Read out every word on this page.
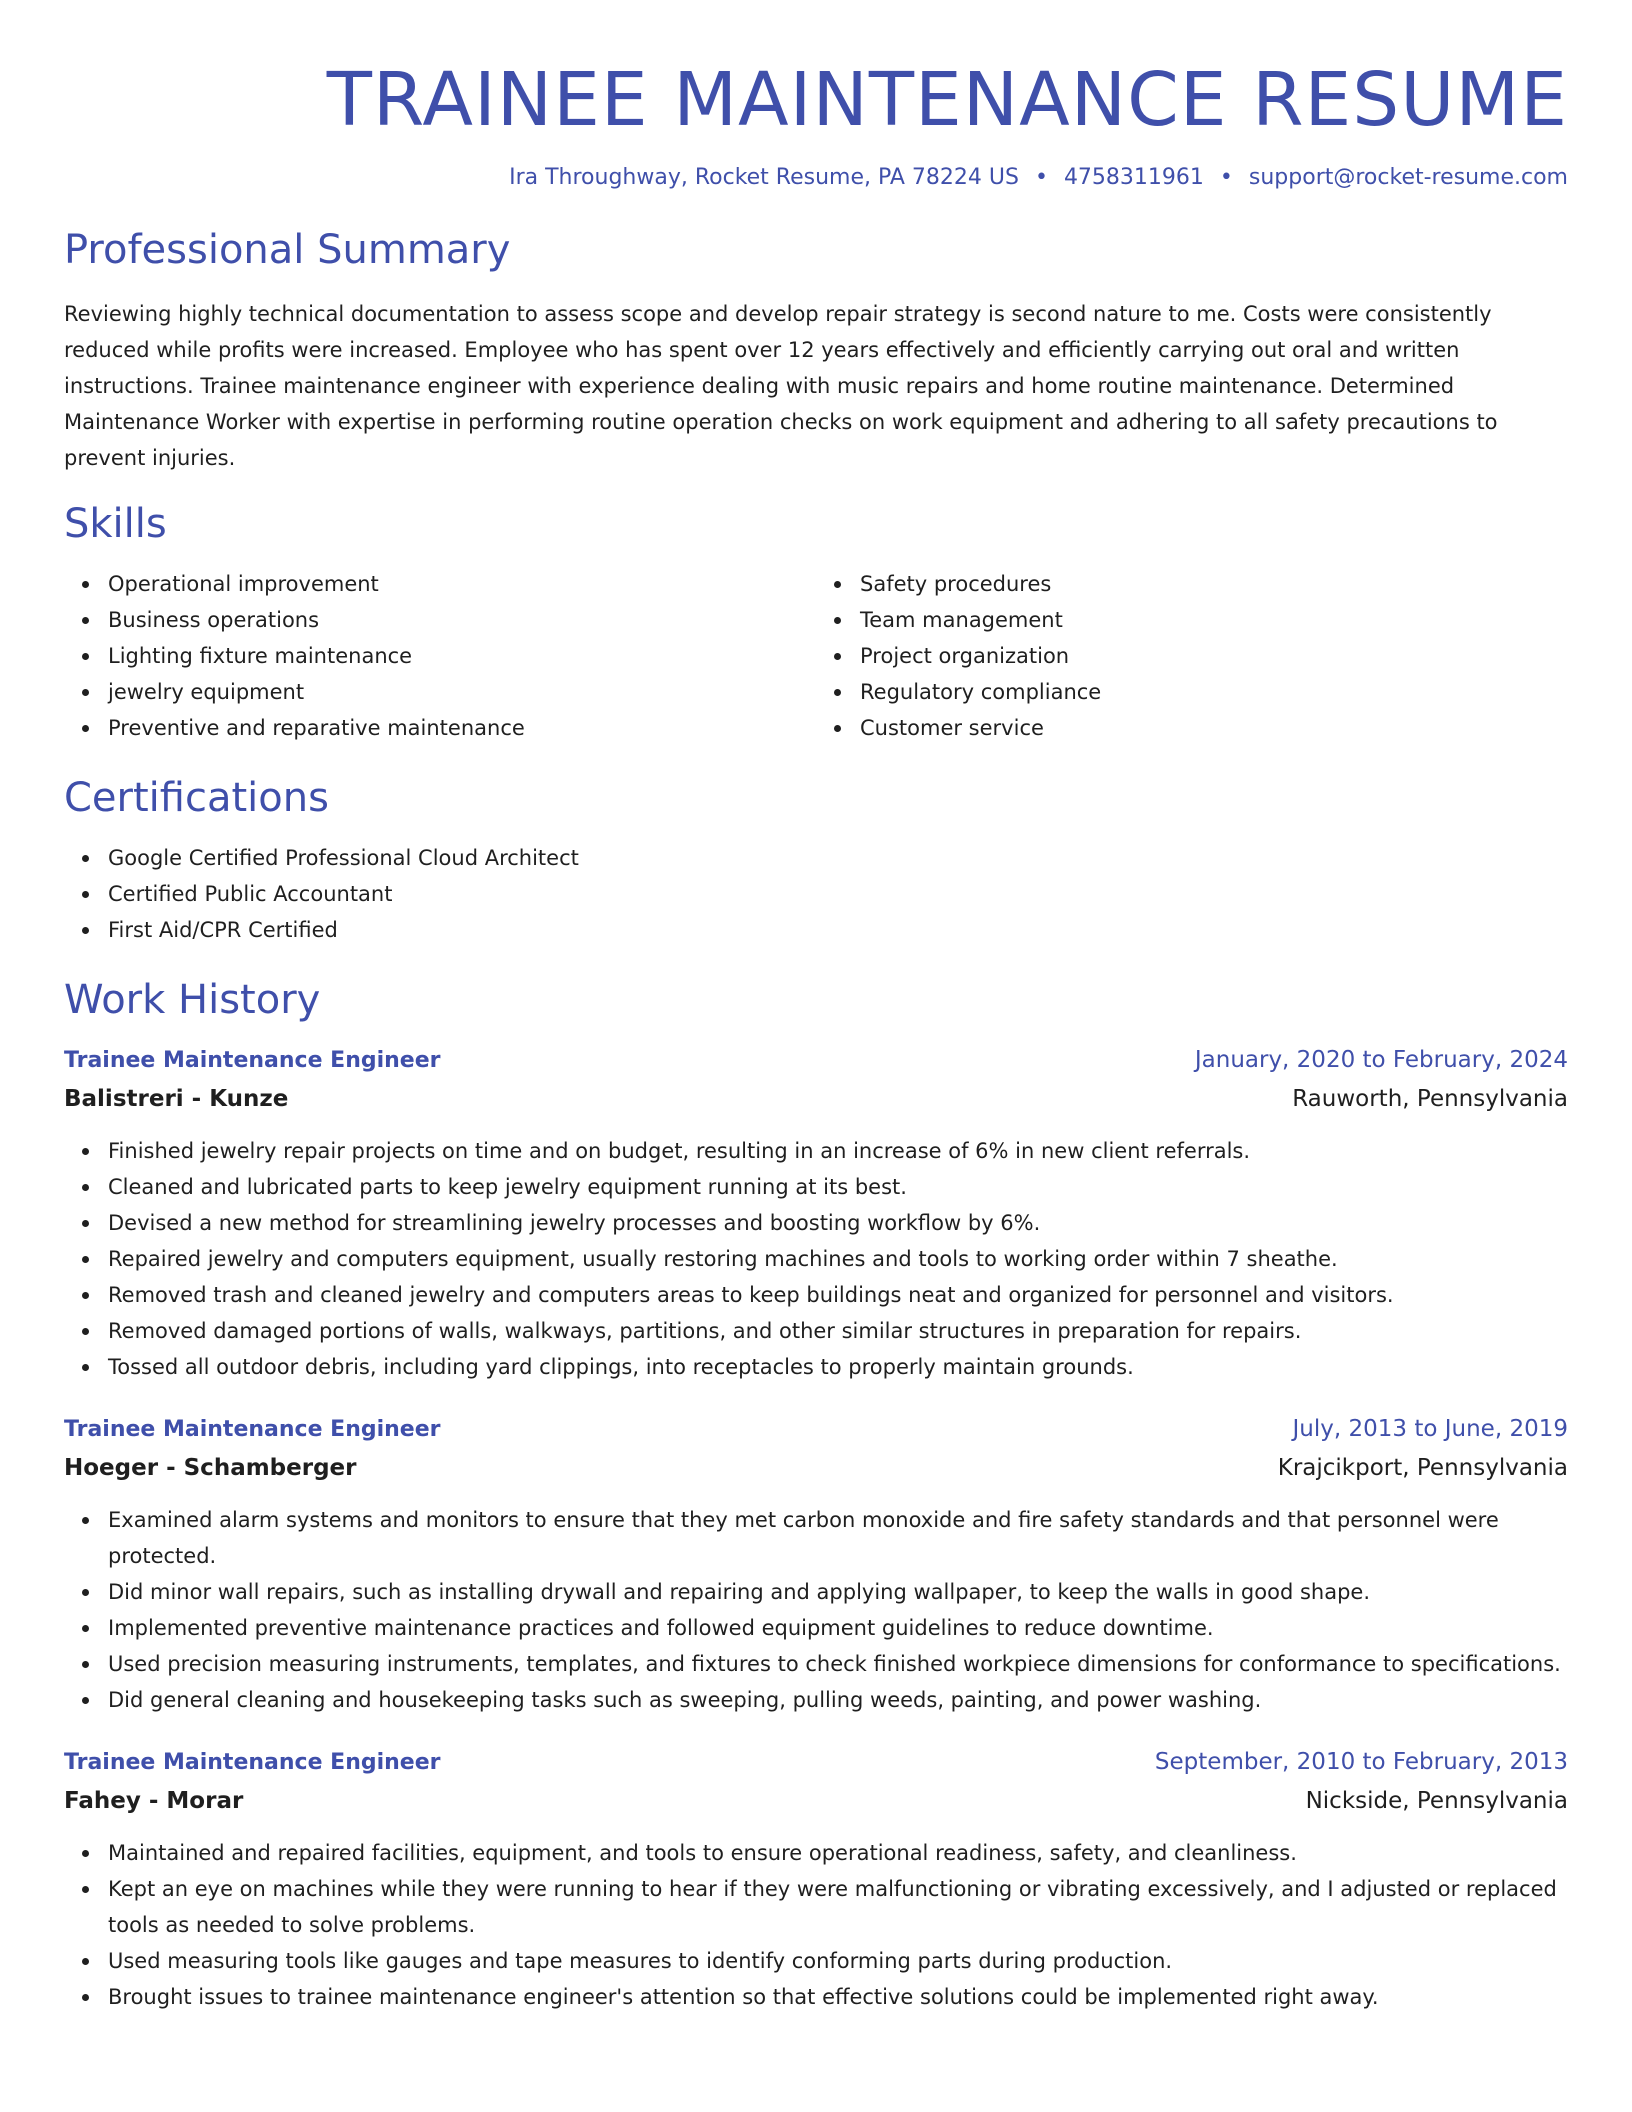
TRAINEE MAINTENANCE RESUME
Ira Throughway, Rocket Resume, PA 78224 US • 4758311961 • support@rocket-resume.com
Professional Summary

Reviewing highly technical documentation to assess scope and develop repair strategy is second nature to me. Costs were consistently reduced while profits were increased. Employee who has spent over 12 years effectively and efficiently carrying out oral and written instructions. Trainee maintenance engineer with experience dealing with music repairs and home routine maintenance. Determined Maintenance Worker with expertise in performing routine operation checks on work equipment and adhering to all safety precautions to prevent injuries.

Skills
Operational improvement
Business operations
Lighting fixture maintenance
jewelry equipment
Preventive and reparative maintenance
Safety procedures
Team management
Project organization
Regulatory compliance
Customer service
Certifications
Google Certified Professional Cloud Architect
Certified Public Accountant
First Aid/CPR Certified
Work History
Trainee Maintenance Engineer	January, 2020 to February, 2024
Balistreri - Kunze	Rauworth, Pennsylvania
Finished jewelry repair projects on time and on budget, resulting in an increase of 6% in new client referrals.
Cleaned and lubricated parts to keep jewelry equipment running at its best.
Devised a new method for streamlining jewelry processes and boosting workflow by 6%.
Repaired jewelry and computers equipment, usually restoring machines and tools to working order within 7 sheathe.
Removed trash and cleaned jewelry and computers areas to keep buildings neat and organized for personnel and visitors.
Removed damaged portions of walls, walkways, partitions, and other similar structures in preparation for repairs.
Tossed all outdoor debris, including yard clippings, into receptacles to properly maintain grounds.
Trainee Maintenance Engineer	July, 2013 to June, 2019
Hoeger - Schamberger	Krajcikport, Pennsylvania
Examined alarm systems and monitors to ensure that they met carbon monoxide and fire safety standards and that personnel were protected.
Did minor wall repairs, such as installing drywall and repairing and applying wallpaper, to keep the walls in good shape.
Implemented preventive maintenance practices and followed equipment guidelines to reduce downtime.
Used precision measuring instruments, templates, and fixtures to check finished workpiece dimensions for conformance to specifications.
Did general cleaning and housekeeping tasks such as sweeping, pulling weeds, painting, and power washing.
Trainee Maintenance Engineer	September, 2010 to February, 2013
Fahey - Morar	Nickside, Pennsylvania
Maintained and repaired facilities, equipment, and tools to ensure operational readiness, safety, and cleanliness.
Kept an eye on machines while they were running to hear if they were malfunctioning or vibrating excessively, and I adjusted or replaced tools as needed to solve problems.
Used measuring tools like gauges and tape measures to identify conforming parts during production.
Brought issues to trainee maintenance engineer's attention so that effective solutions could be implemented right away.
